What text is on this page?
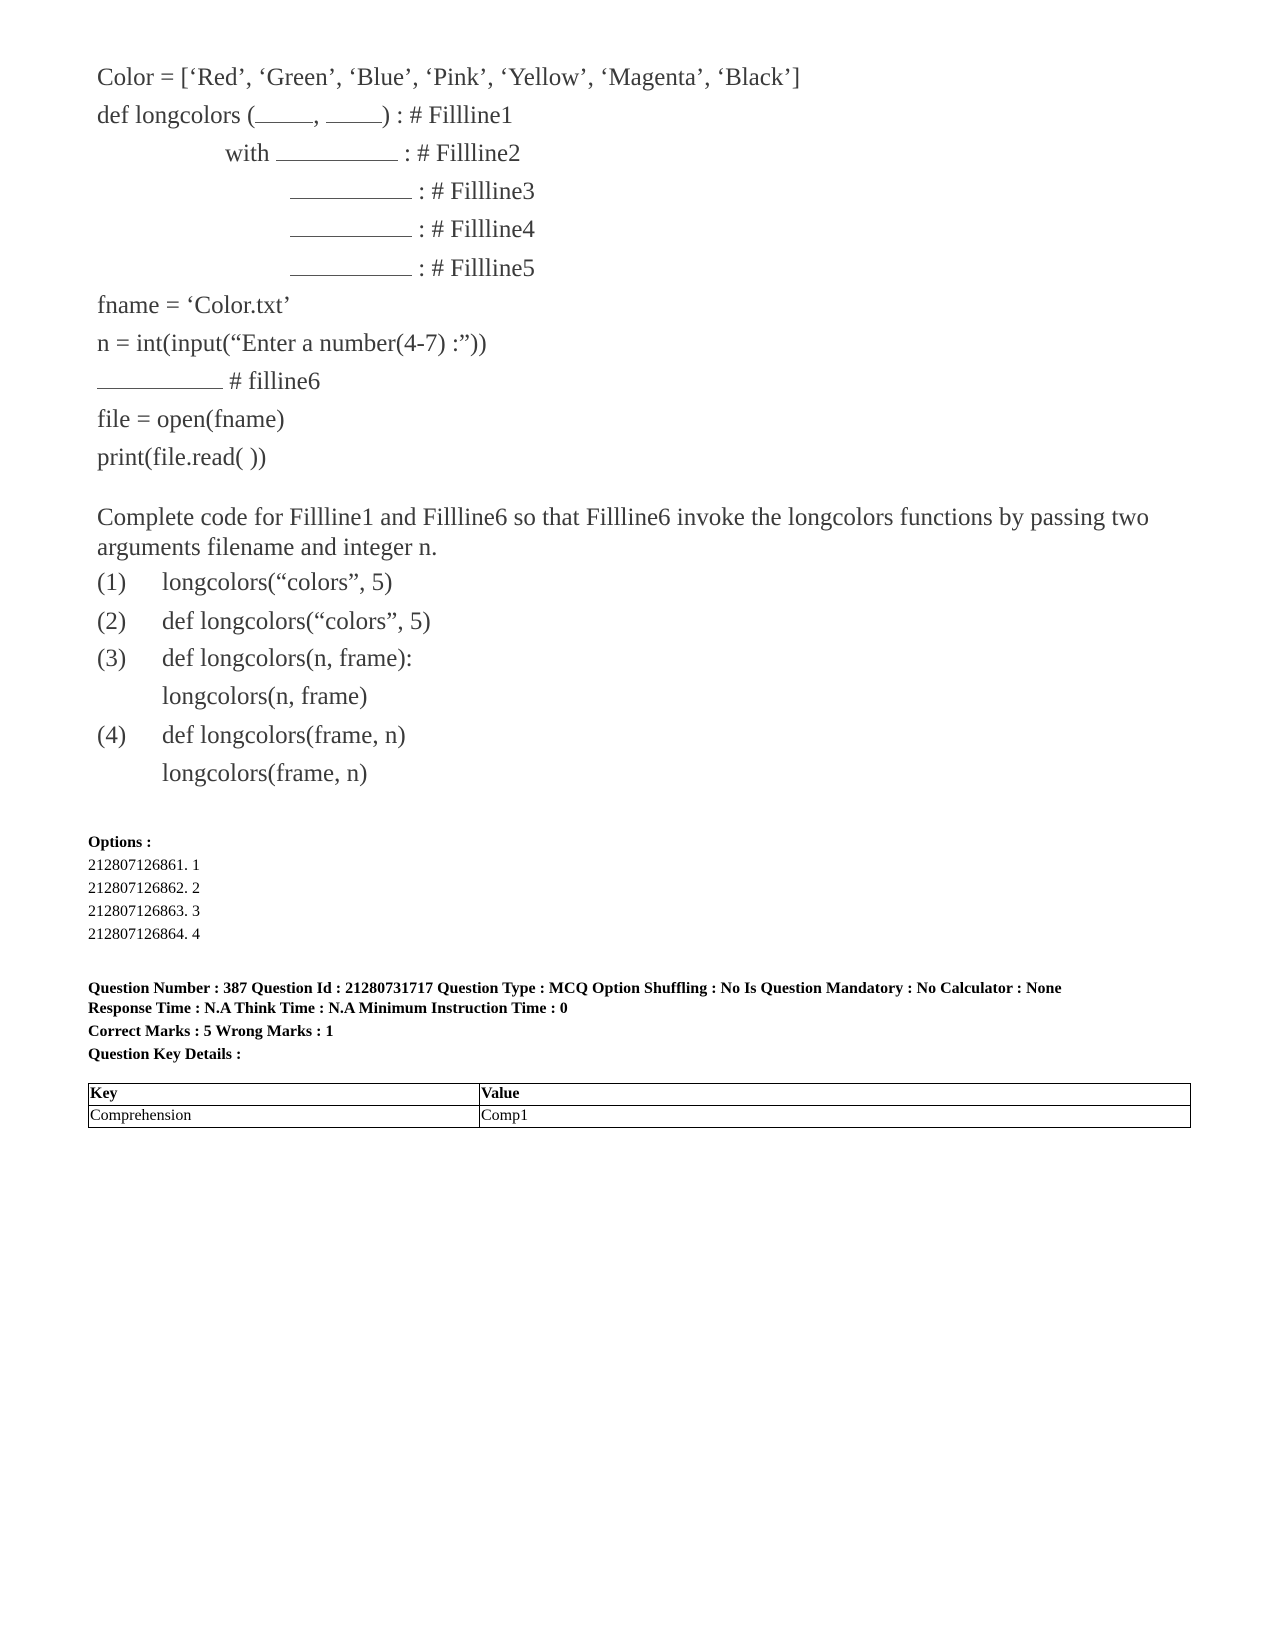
Color = [‘Red’, ‘Green’, ‘Blue’, ‘Pink’, ‘Yellow’, ‘Magenta’, ‘Black’]
def longcolors ( , ) : # Fillline1
with	: # Fillline2
: # Fillline3
: # Fillline4
: # Fillline5
fname = ‘Color.txt’
n = int(input(“Enter a number(4-7) :”))
# filline6
file = open(fname)
print(file.read( ))
Complete code for Fillline1 and Fillline6 so that Fillline6 invoke the longcolors functions by passing two arguments filename and integer n.
(1) longcolors(“colors”, 5)
(2) def longcolors(“colors”, 5)
(3) def longcolors(n, frame):
longcolors(n, frame)
(4) def longcolors(frame, n)
longcolors(frame, n)
Options :
212807126861. 1
212807126862. 2
212807126863. 3
212807126864. 4
Question Number : 387 Question Id : 21280731717 Question Type : MCQ Option Shuffling : No Is Question Mandatory : No Calculator : None
Response Time : N.A Think Time : N.A Minimum Instruction Time : 0
Correct Marks : 5 Wrong Marks : 1
Question Key Details :
Key	Value
Comprehension	Comp1
